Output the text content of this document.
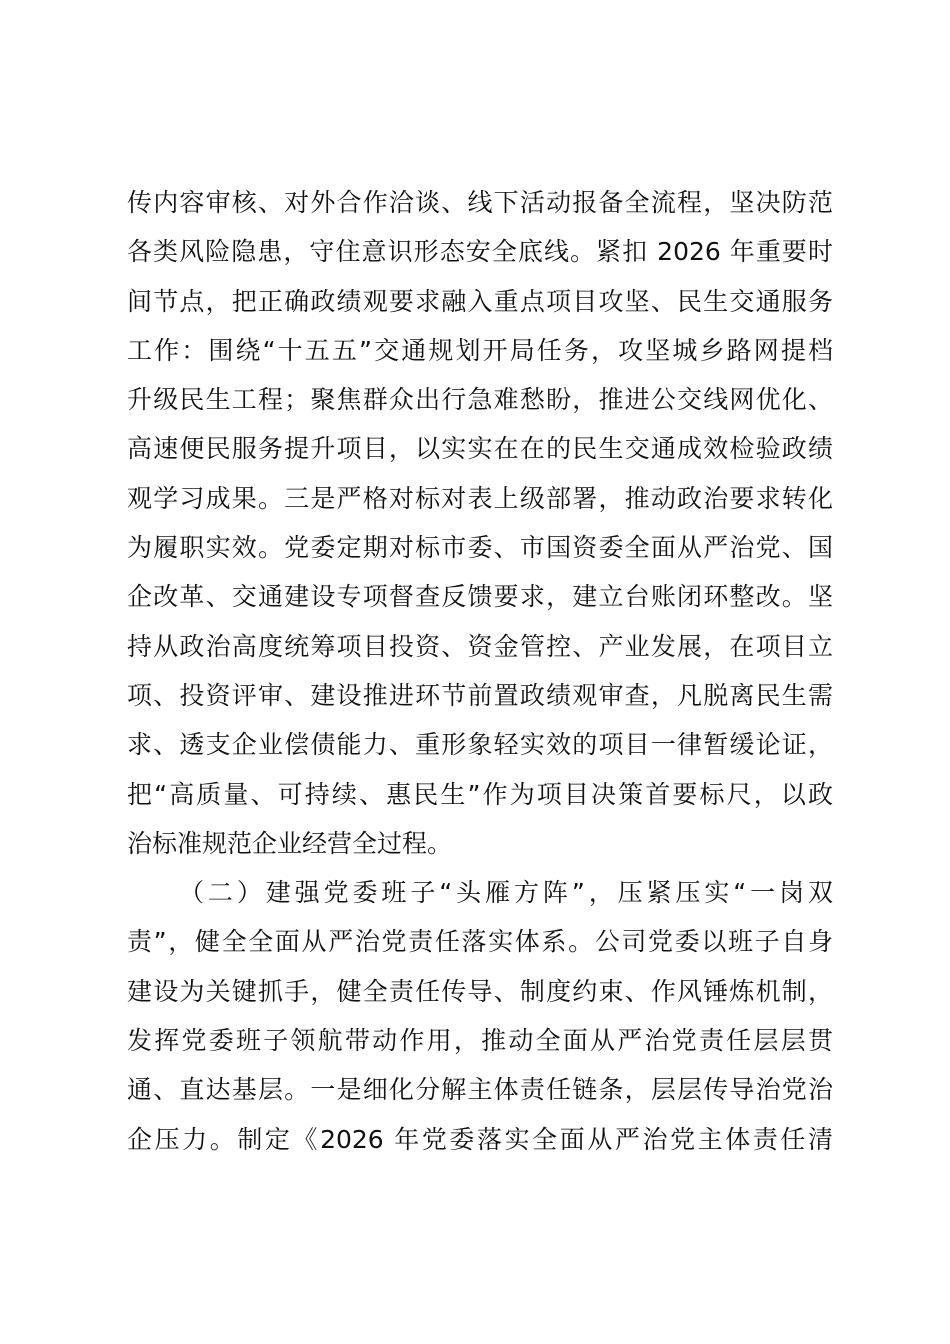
传内容审核、对外合作洽谈、线下活动报备全流程，坚决防范
各类风险隐患，守住意识形态安全底线。紧扣 2026 年重要时
间节点，把正确政绩观要求融入重点项目攻坚、民生交通服务
工作：围绕“十五五”交通规划开局任务，攻坚城乡路网提档
升级民生工程；聚焦群众出行急难愁盼，推进公交线网优化、
高速便民服务提升项目，以实实在在的民生交通成效检验政绩
观学习成果。三是严格对标对表上级部署，推动政治要求转化
为履职实效。党委定期对标市委、市国资委全面从严治党、国
企改革、交通建设专项督查反馈要求，建立台账闭环整改。坚
持从政治高度统筹项目投资、资金管控、产业发展，在项目立
项、投资评审、建设推进环节前置政绩观审查，凡脱离民生需
求、透支企业偿债能力、重形象轻实效的项目一律暂缓论证，
把“高质量、可持续、惠民生”作为项目决策首要标尺，以政
治标准规范企业经营全过程。
（二）建强党委班子“头雁方阵”，压紧压实“一岗双
责”，健全全面从严治党责任落实体系。公司党委以班子自身
建设为关键抓手，健全责任传导、制度约束、作风锤炼机制，
发挥党委班子领航带动作用，推动全面从严治党责任层层贯
通、直达基层。一是细化分解主体责任链条，层层传导治党治
企压力。制定《2026 年党委落实全面从严治党主体责任清
